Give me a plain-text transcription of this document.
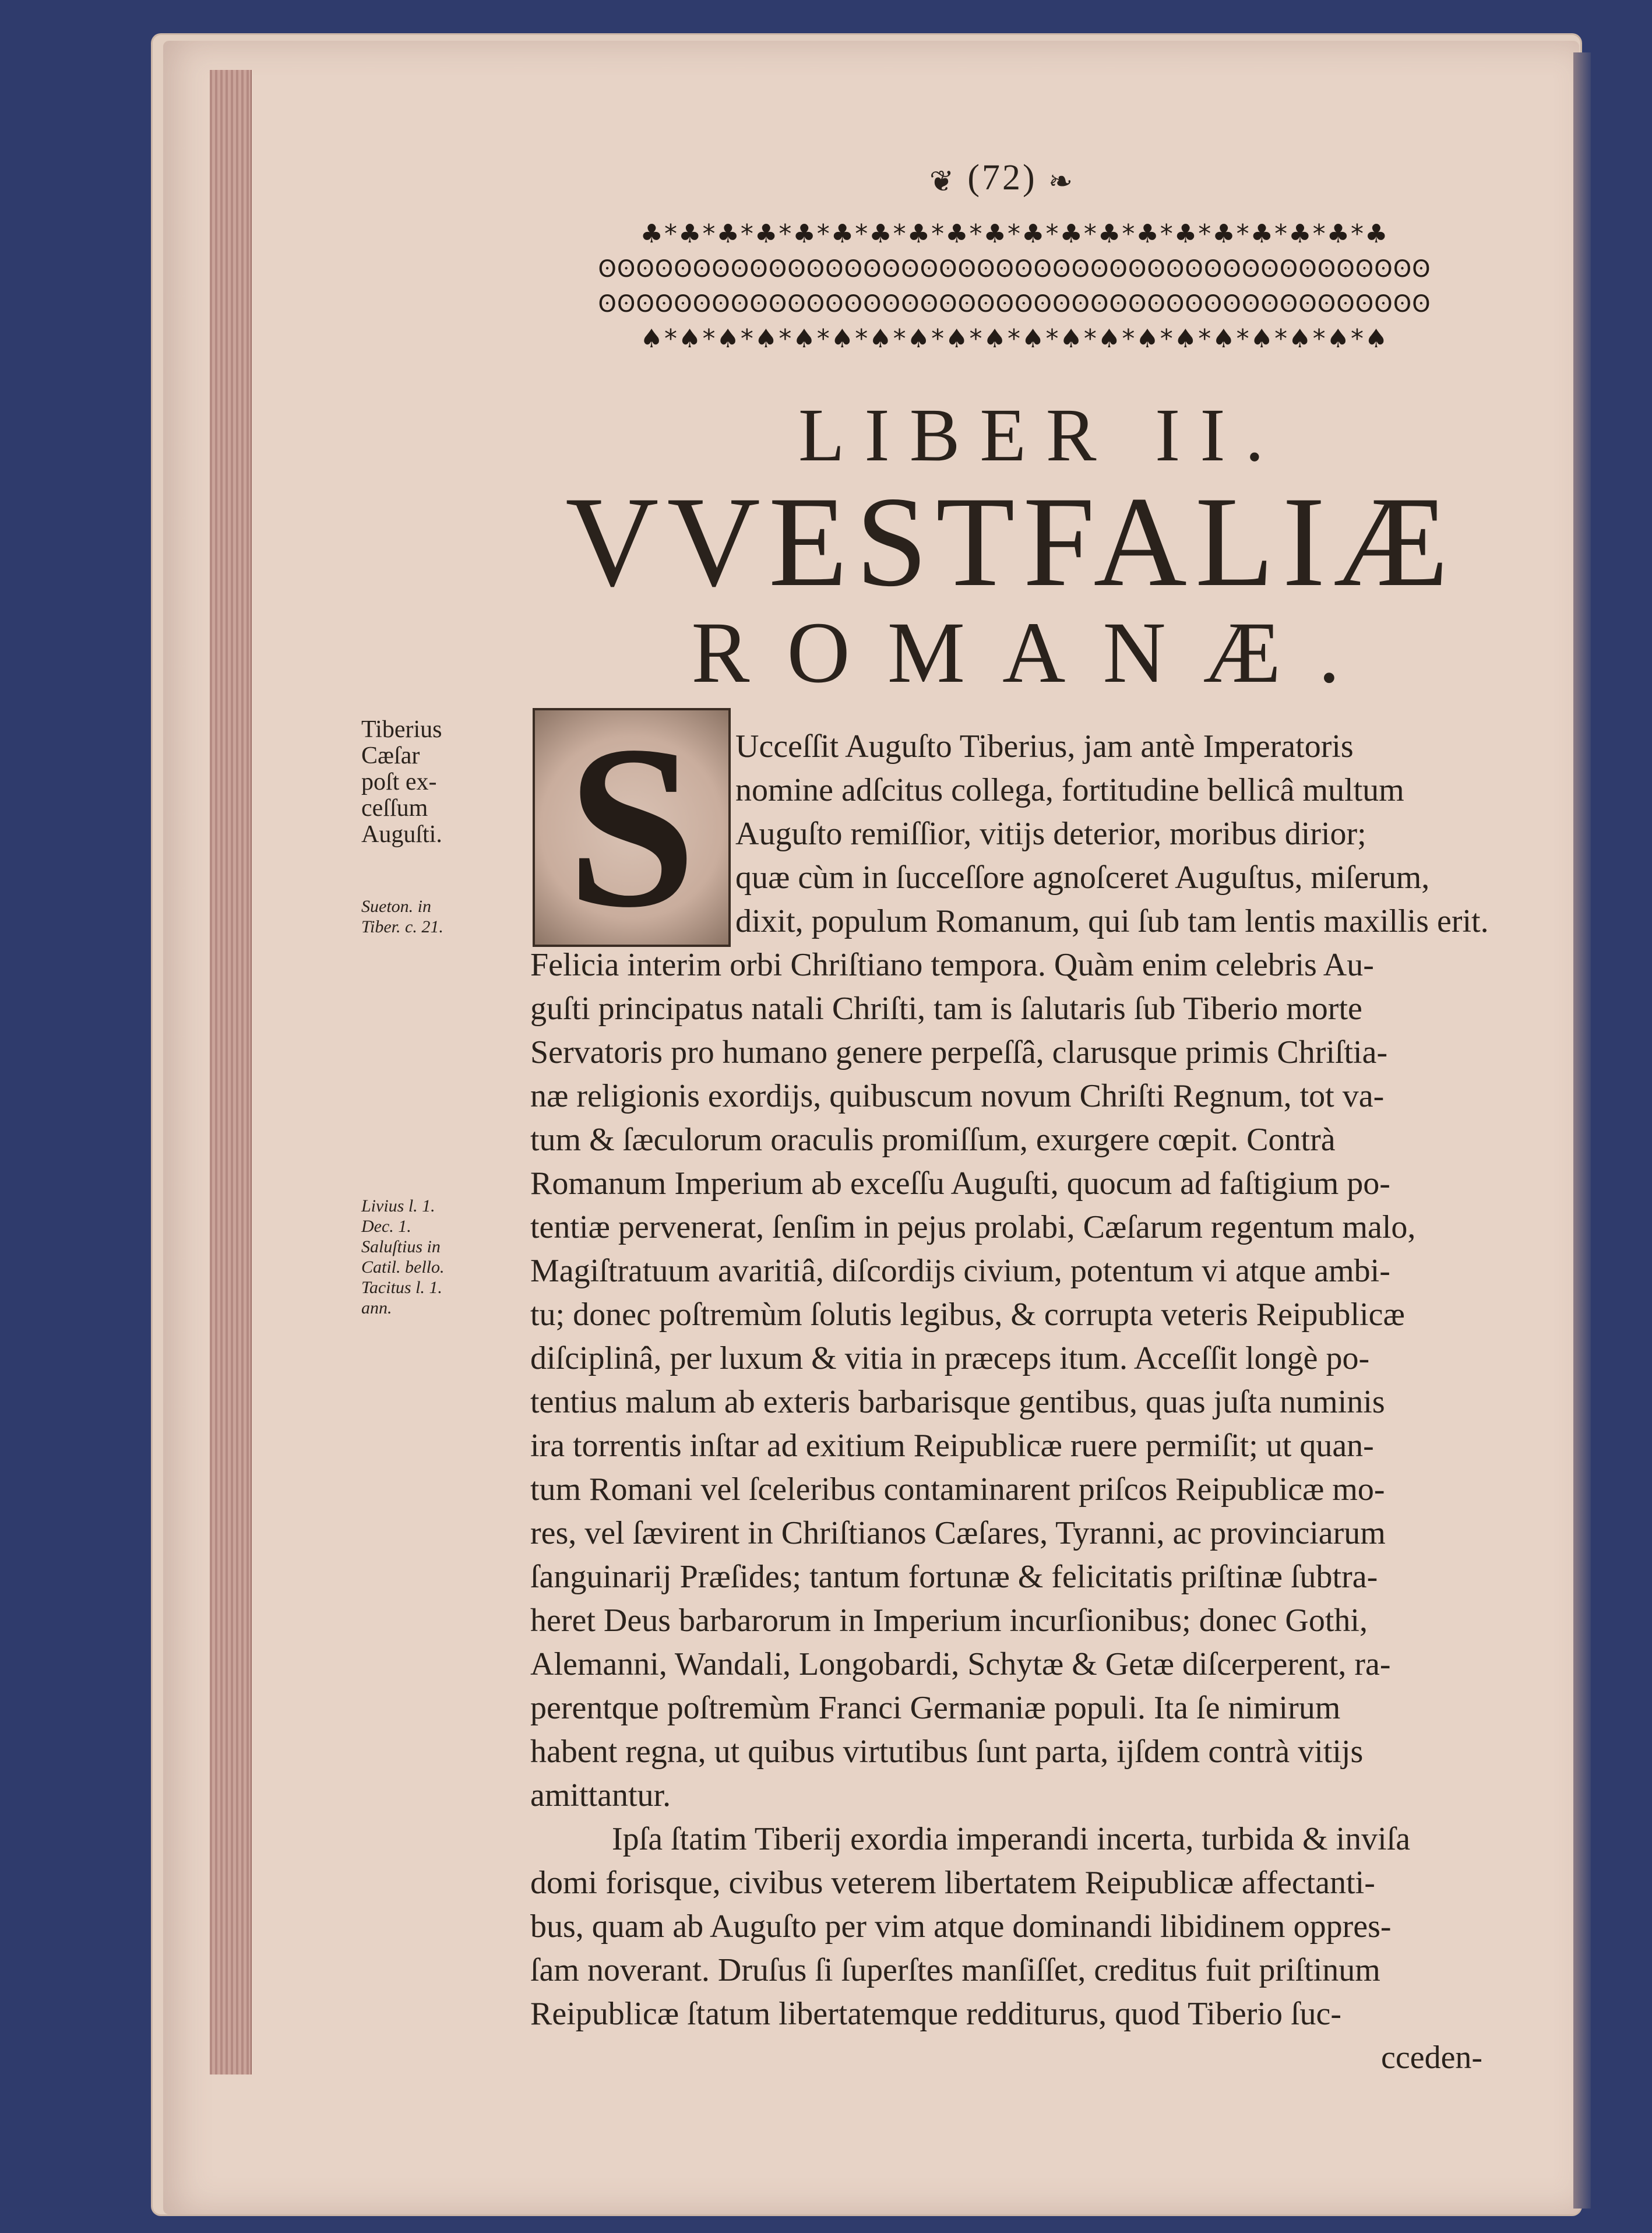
❦ (72) ❧
♣*♣*♣*♣*♣*♣*♣*♣*♣*♣*♣*♣*♣*♣*♣*♣*♣*♣*♣*♣
ʘʘʘʘʘʘʘʘʘʘʘʘʘʘʘʘʘʘʘʘʘʘʘʘʘʘʘʘʘʘʘʘʘʘʘʘʘʘʘʘʘʘʘʘ
ʘʘʘʘʘʘʘʘʘʘʘʘʘʘʘʘʘʘʘʘʘʘʘʘʘʘʘʘʘʘʘʘʘʘʘʘʘʘʘʘʘʘʘʘ
♠*♠*♠*♠*♠*♠*♠*♠*♠*♠*♠*♠*♠*♠*♠*♠*♠*♠*♠*♠
LIBER II.
VVESTFALIÆ
ROMANÆ.
Tiberius
Cæſar
poſt ex-
ceſſum
Auguſti.
Sueton. in
Tiber. c. 21.
Livius l. 1.
Dec. 1.
Saluſtius in
Catil. bello.
Tacitus l. 1.
ann.
S	Ucceſſit Auguſto Tiberius, jam antè Imperatoris
nomine adſcitus collega, fortitudine bellicâ multum
Auguſto remiſſior, vitijs deterior, moribus dirior;
quæ cùm in ſucceſſore agnoſceret Auguſtus, miſerum,
dixit, populum Romanum, qui ſub tam lentis maxillis erit.
Felicia interim orbi Chriſtiano tempora. Quàm enim celebris Au-
guſti principatus natali Chriſti, tam is ſalutaris ſub Tiberio morte
Servatoris pro humano genere perpeſſâ, clarusque primis Chriſtia-
næ religionis exordijs, quibuscum novum Chriſti Regnum, tot va-
tum & ſæculorum oraculis promiſſum, exurgere cœpit. Contrà
Romanum Imperium ab exceſſu Auguſti, quocum ad faſtigium po-
tentiæ pervenerat, ſenſim in pejus prolabi, Cæſarum regentum malo,
Magiſtratuum avaritiâ, diſcordijs civium, potentum vi atque ambi-
tu; donec poſtremùm ſolutis legibus, & corrupta veteris Reipublicæ
diſciplinâ, per luxum & vitia in præceps itum. Acceſſit longè po-
tentius malum ab exteris barbarisque gentibus, quas juſta numinis
ira torrentis inſtar ad exitium Reipublicæ ruere permiſit; ut quan-
tum Romani vel ſceleribus contaminarent priſcos Reipublicæ mo-
res, vel ſævirent in Chriſtianos Cæſares, Tyranni, ac provinciarum
ſanguinarij Præſides; tantum fortunæ & felicitatis priſtinæ ſubtra-
heret Deus barbarorum in Imperium incurſionibus; donec Gothi,
Alemanni, Wandali, Longobardi, Schytæ & Getæ diſcerperent, ra-
perentque poſtremùm Franci Germaniæ populi. Ita ſe nimirum
habent regna, ut quibus virtutibus ſunt parta, ijſdem contrà vitijs
amittantur.
Ipſa ſtatim Tiberij exordia imperandi incerta, turbida & inviſa
domi forisque, civibus veterem libertatem Reipublicæ affectanti-
bus, quam ab Auguſto per vim atque dominandi libidinem oppres-
ſam noverant. Druſus ſi ſuperſtes manſiſſet, creditus fuit priſtinum
Reipublicæ ſtatum libertatemque redditurus, quod Tiberio ſuc-
cceden-
